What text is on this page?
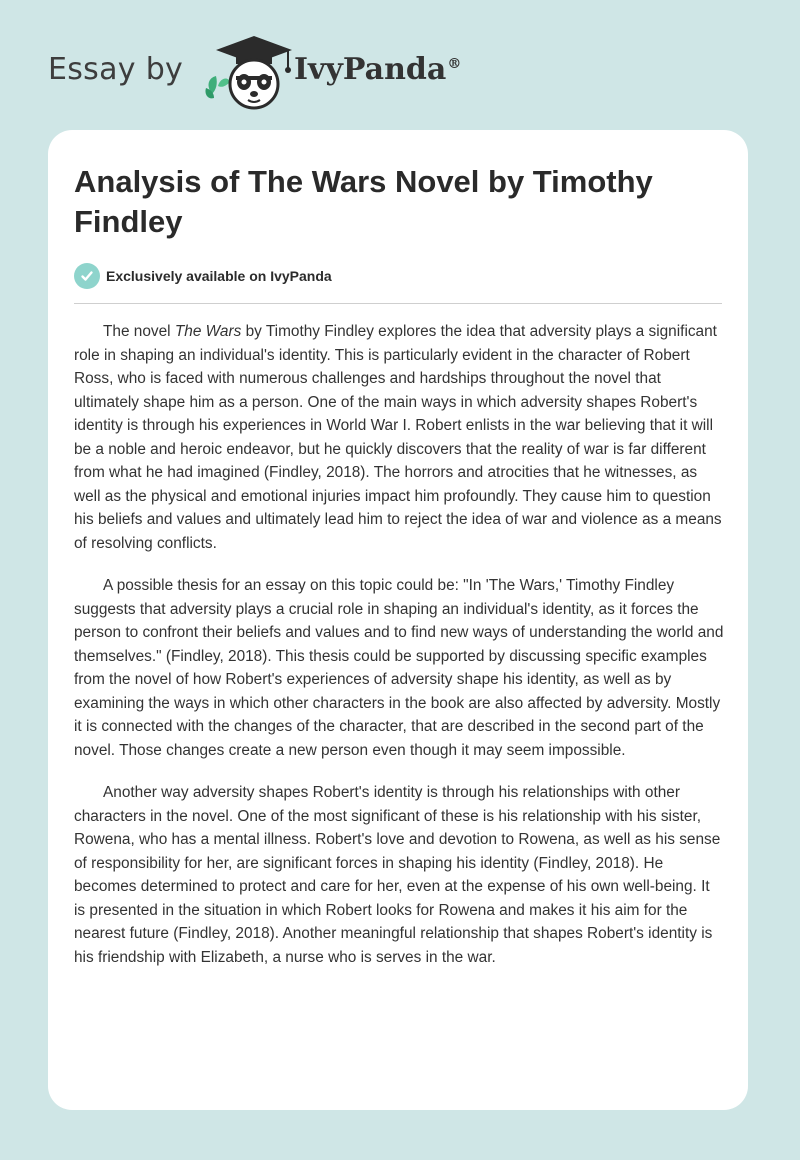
Essay by	IvyPanda®
Analysis of The Wars Novel by Timothy Findley
Exclusively available on IvyPanda

The novel The Wars by Timothy Findley explores the idea that adversity plays a significant role in shaping an individual's identity. This is particularly evident in the character of Robert Ross, who is faced with numerous challenges and hardships throughout the novel that ultimately shape him as a person. One of the main ways in which adversity shapes Robert's identity is through his experiences in World War I. Robert enlists in the war believing that it will be a noble and heroic endeavor, but he quickly discovers that the reality of war is far different from what he had imagined (Findley, 2018). The horrors and atrocities that he witnesses, as well as the physical and emotional injuries impact him profoundly. They cause him to question his beliefs and values and ultimately lead him to reject the idea of war and violence as a means of resolving conflicts.

A possible thesis for an essay on this topic could be: "In 'The Wars,' Timothy Findley suggests that adversity plays a crucial role in shaping an individual's identity, as it forces the person to confront their beliefs and values and to find new ways of understanding the world and themselves." (Findley, 2018). This thesis could be supported by discussing specific examples from the novel of how Robert's experiences of adversity shape his identity, as well as by examining the ways in which other characters in the book are also affected by adversity. Mostly it is connected with the changes of the character, that are described in the second part of the novel. Those changes create a new person even though it may seem impossible.

Another way adversity shapes Robert's identity is through his relationships with other characters in the novel. One of the most significant of these is his relationship with his sister, Rowena, who has a mental illness. Robert's love and devotion to Rowena, as well as his sense of responsibility for her, are significant forces in shaping his identity (Findley, 2018). He becomes determined to protect and care for her, even at the expense of his own well-being. It is presented in the situation in which Robert looks for Rowena and makes it his aim for the nearest future (Findley, 2018). Another meaningful relationship that shapes Robert's identity is his friendship with Elizabeth, a nurse who is serves in the war.
